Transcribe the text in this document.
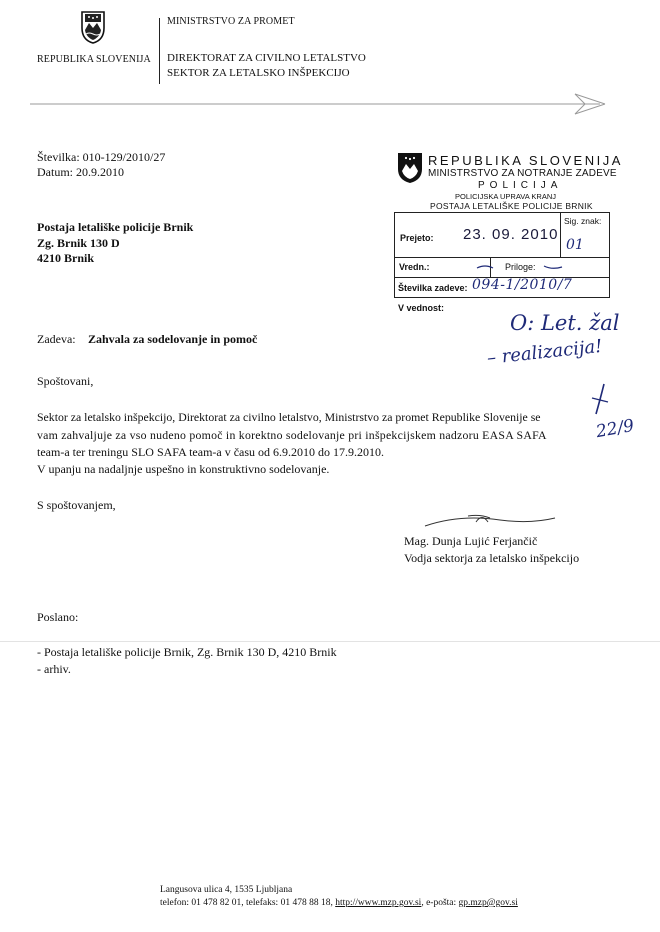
REPUBLIKA SLOVENIJA
MINISTRSTVO ZA PROMET
DIREKTORAT ZA CIVILNO LETALSTVO
SEKTOR ZA LETALSKO INŠPEKCIJO
Številka: 010-129/2010/27
Datum: 20.9.2010
Postaja letališke policije Brnik
Zg. Brnik 130 D
4210 Brnik
REPUBLIKA SLOVENIJA
MINISTRSTVO ZA NOTRANJE ZADEVE
POLICIJA
POLICIJSKA UPRAVA KRANJ
POSTAJA LETALIŠKE POLICIJE BRNIK
Prejeto: 23. 09. 2010
Sig. znak:
01
Vredn.:	Priloge:
Številka zadeve: 094-1/2010/7
V vednost:
O: Let. žal
– realizacija!
22/9
Zadeva: Zahvala za sodelovanje in pomoč
Spoštovani,
Sektor za letalsko inšpekcijo, Direktorat za civilno letalstvo, Ministrstvo za promet Republike Slovenije se
vam zahvaljuje za vso nudeno pomoč in korektno sodelovanje pri inšpekcijskem nadzoru EASA SAFA
team-a ter treningu SLO SAFA team-a v času od 6.9.2010 do 17.9.2010.
V upanju na nadaljnje uspešno in konstruktivno sodelovanje.
S spoštovanjem,
Mag. Dunja Lujić Ferjančič
Vodja sektorja za letalsko inšpekcijo
Poslano:
- Postaja letališke policije Brnik, Zg. Brnik 130 D, 4210 Brnik
- arhiv.
Langusova ulica 4, 1535 Ljubljana
telefon: 01 478 82 01, telefaks: 01 478 88 18, http://www.mzp.gov.si, e-pošta: gp.mzp@gov.si
